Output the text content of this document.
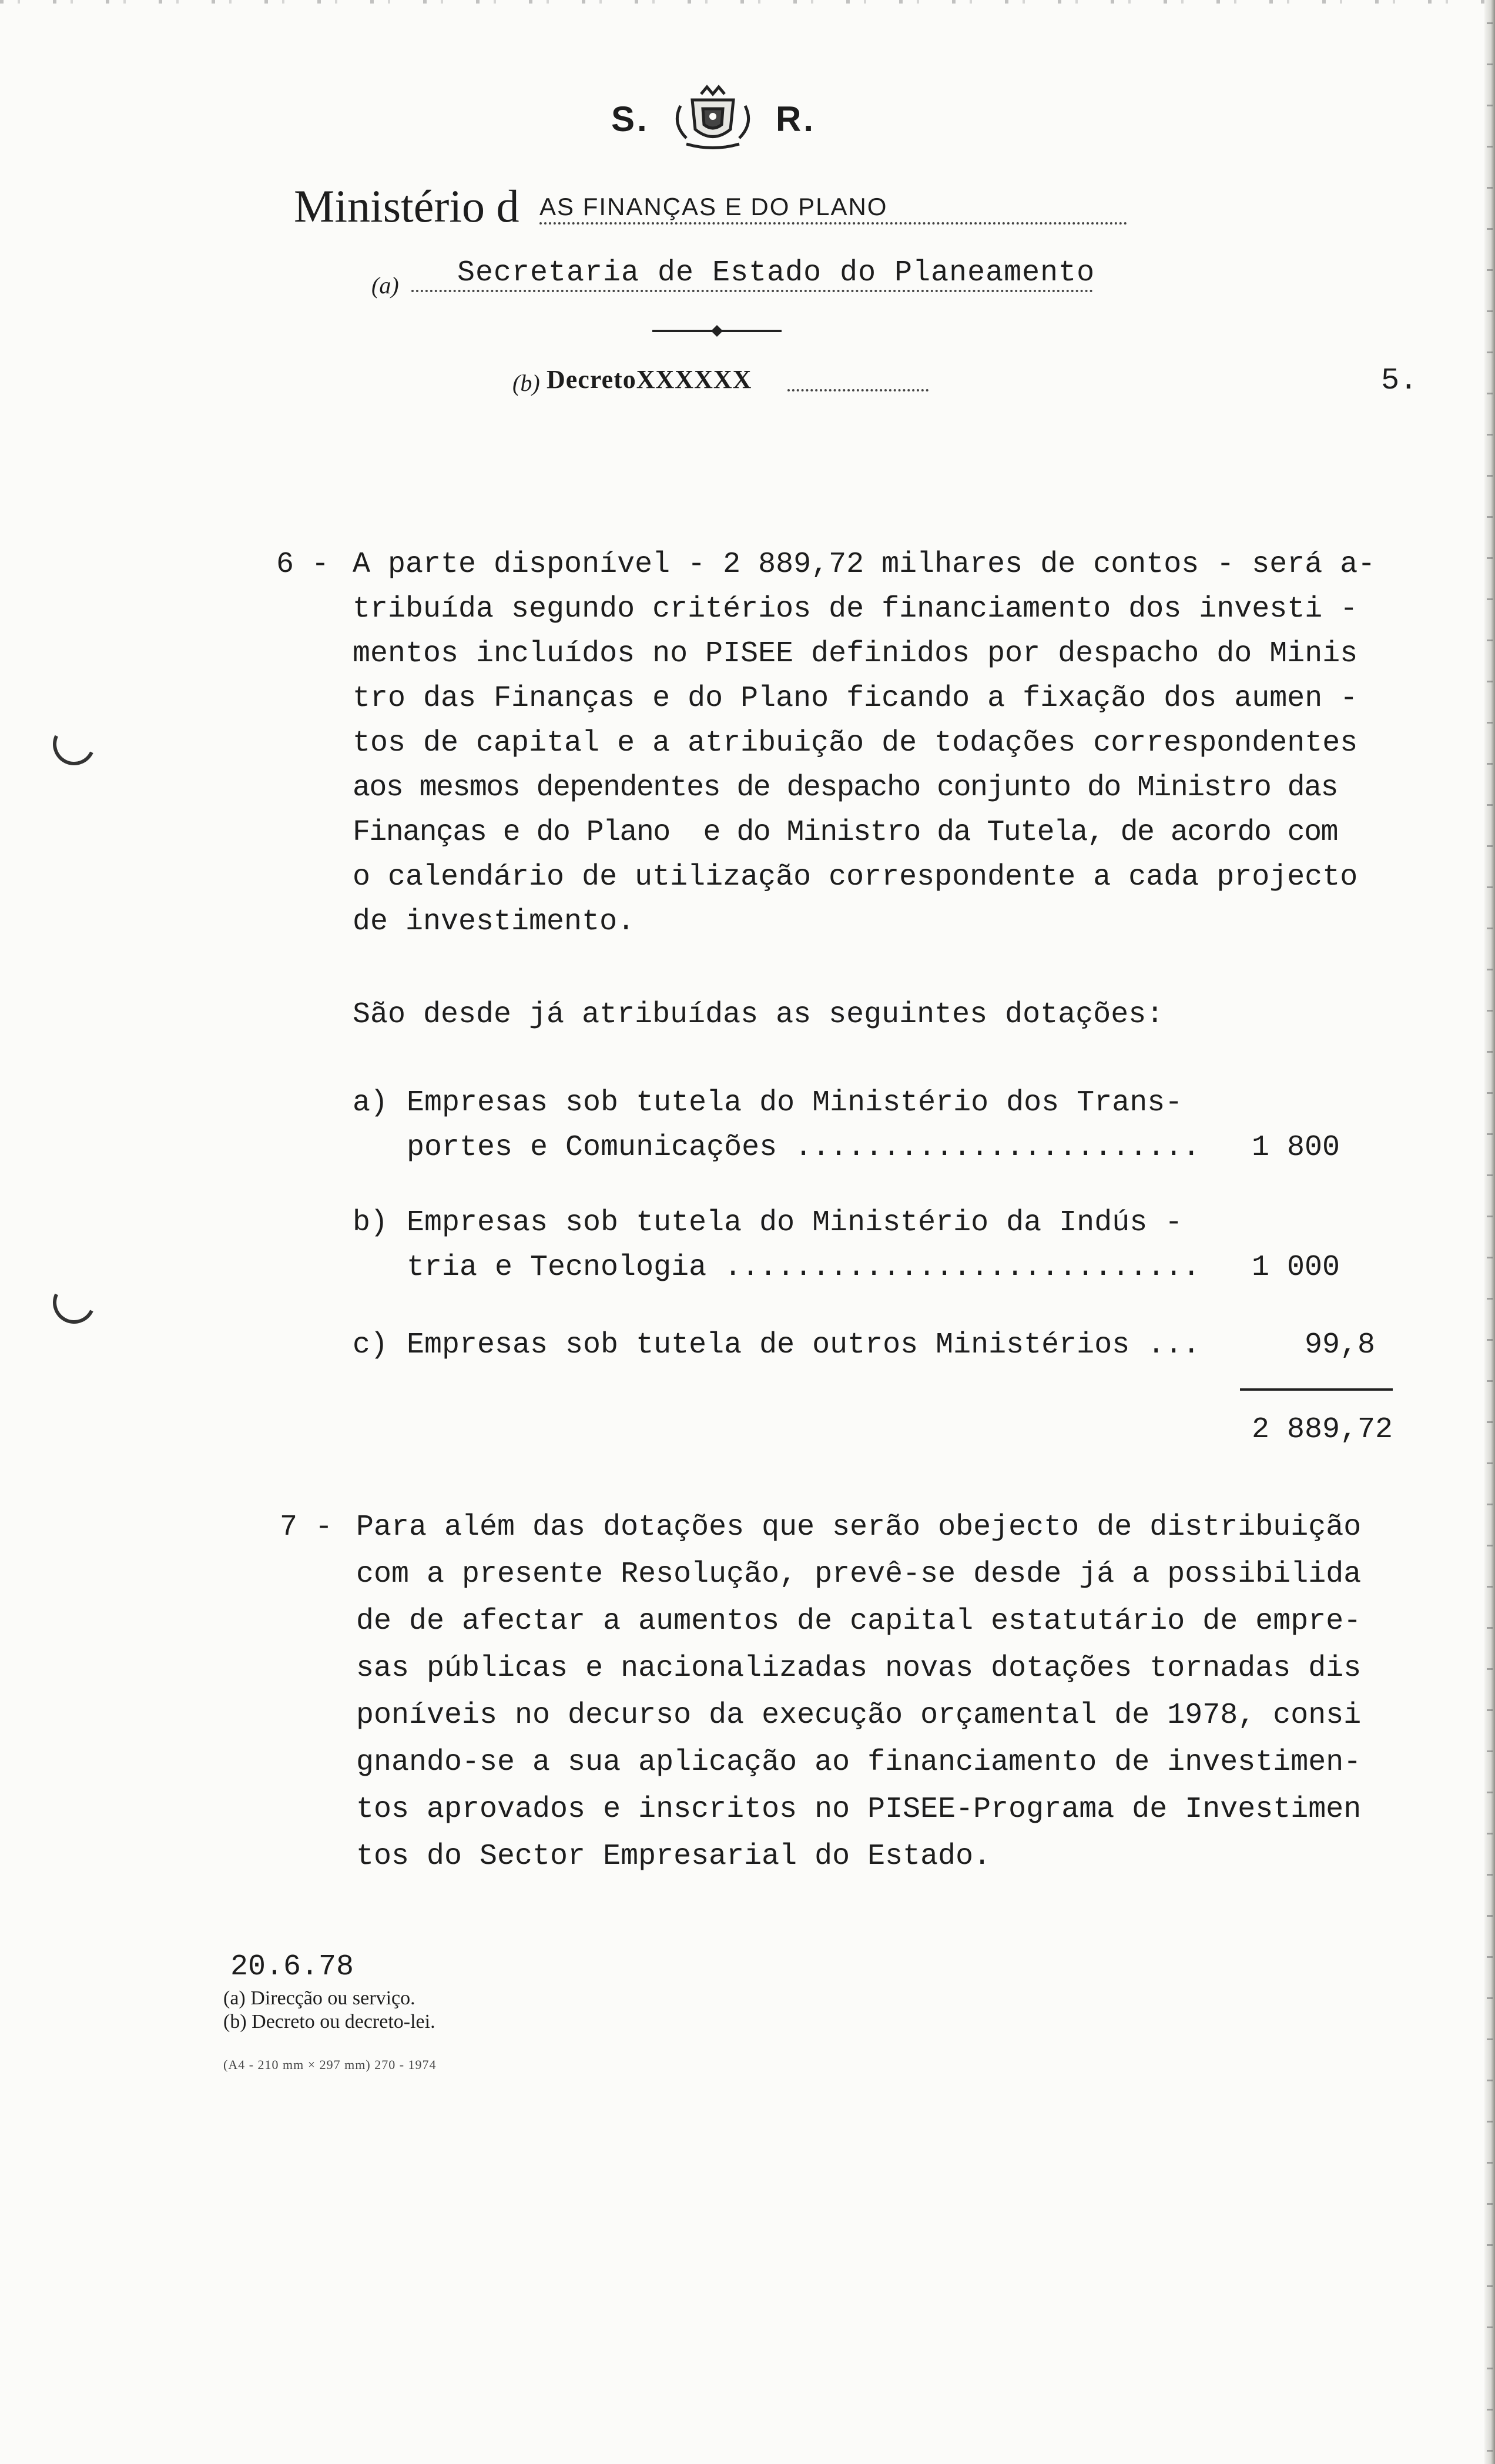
S.	R.
Ministério d AS FINANÇAS E DO PLANO
(a)	Secretaria de Estado do Planeamento
(b) DecretoXXXXXX	5.
6 - A parte disponível - 2 889,72 milhares de contos - será a-
tribuída segundo critérios de financiamento dos investi -
mentos incluídos no PISEE definidos por despacho do Minis
tro das Finanças e do Plano ficando a fixação dos aumen -
tos de capital e a atribuição de todações correspondentes
aos mesmos dependentes de despacho conjunto do Ministro das
Finanças e do Plano  e do Ministro da Tutela, de acordo com
o calendário de utilização correspondente a cada projecto
de investimento.
São desde já atribuídas as seguintes dotações:
a) Empresas sob tutela do Ministério dos Trans-
portes e Comunicações ....................... 1 800
b) Empresas sob tutela do Ministério da Indús -
tria e Tecnologia ........................... 1 000
c) Empresas sob tutela de outros Ministérios ...	99,8
2 889,72
7 - Para além das dotações que serão obejecto de distribuição
com a presente Resolução, prevê-se desde já a possibilida
de de afectar a aumentos de capital estatutário de empre-
sas públicas e nacionalizadas novas dotações tornadas dis
poníveis no decurso da execução orçamental de 1978, consi
gnando-se a sua aplicação ao financiamento de investimen-
tos aprovados e inscritos no PISEE-Programa de Investimen
tos do Sector Empresarial do Estado.
20.6.78
(a) Direcção ou serviço.
(b) Decreto ou decreto-lei.
(A4 - 210 mm × 297 mm) 270 - 1974
